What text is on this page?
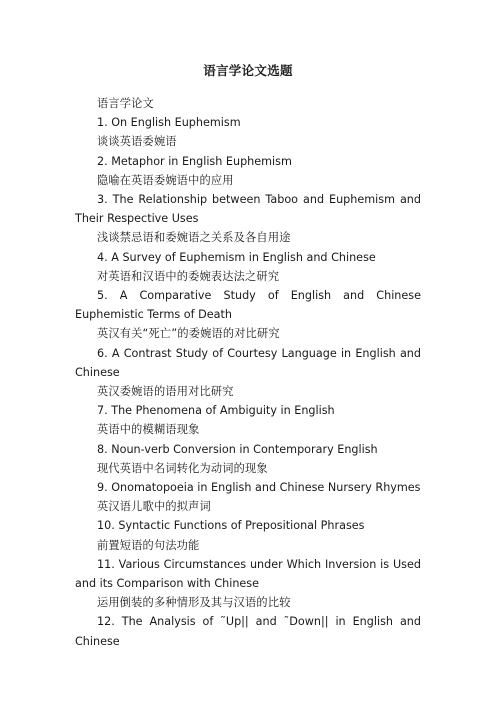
语言学论文选题

语言学论文

1. On English Euphemism

谈谈英语委婉语

2. Metaphor in English Euphemism

隐喻在英语委婉语中的应用

3. The Relationship between Taboo and Euphemism and Their Respective Uses

浅谈禁忌语和委婉语之关系及各自用途

4. A Survey of Euphemism in English and Chinese

对英语和汉语中的委婉表达法之研究

5. A Comparative Study of English and Chinese Euphemistic Terms of Death

英汉有关“死亡”的委婉语的对比研究

6. A Contrast Study of Courtesy Language in English and Chinese

英汉委婉语的语用对比研究

7. The Phenomena of Ambiguity in English

英语中的模糊语现象

8. Noun-verb Conversion in Contemporary English

现代英语中名词转化为动词的现象

9. Onomatopoeia in English and Chinese Nursery Rhymes

英汉语儿歌中的拟声词

10. Syntactic Functions of Prepositional Phrases

前置短语的句法功能

11. Various Circumstances under Which Inversion is Used and its Comparison with Chinese

运用倒装的多种情形及其与汉语的比较

12. The Analysis of ˜Up|| and ˜Down|| in English and Chinese
